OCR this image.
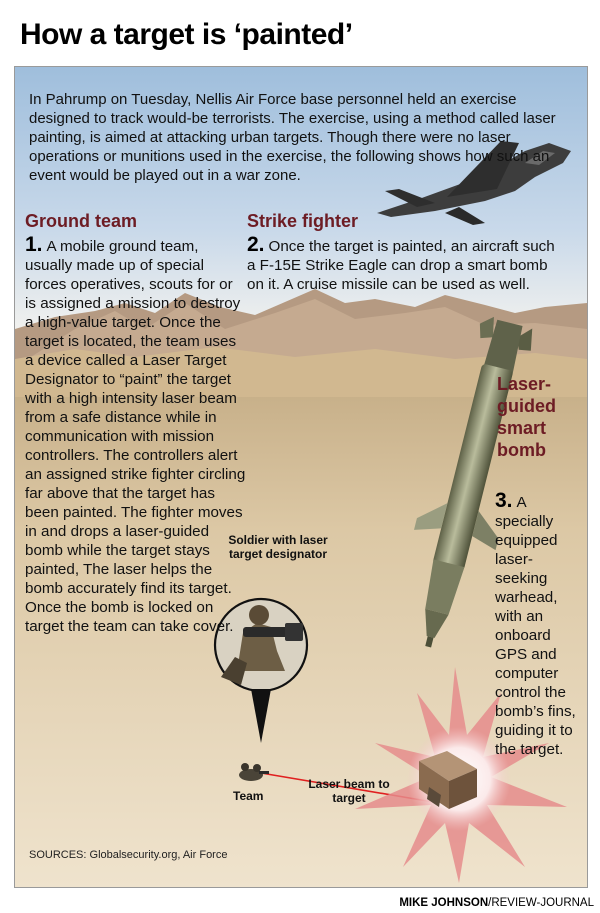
How a target is ‘painted’

In Pahrump on Tuesday, Nellis Air Force base personnel held an exercise designed to track would-be terrorists. The exercise, using a method called laser painting, is aimed at attacking urban targets. Though there were no laser operations or munitions used in the exercise, the following shows how such an event would be played out in a war zone.

Ground team
1. A mobile ground team, usually made up of special forces operatives, scouts for or is assigned a mission to destroy a high-value target. Once the target is located, the team uses a device called a Laser Target Designator to “paint” the target with a high intensity laser beam from a safe distance while in communication with mission controllers. The controllers alert an assigned strike fighter circling far above that the target has been painted. The fighter moves in and drops a laser-guided bomb while the target stays painted, The laser helps the bomb accurately find its target. Once the bomb is locked on target the team can take cover.
Strike fighter
2. Once the target is painted, an aircraft such a F-15E Strike Eagle can drop a smart bomb on it. A cruise missile can be used as well.
Laser-guided smart bomb
3. A specially equipped laser-seeking warhead, with an onboard GPS and computer control the bomb’s fins, guiding it to the target.
Soldier with laser target designator
Team
Laser beam to target
SOURCES: Globalsecurity.org, Air Force
MIKE JOHNSON/REVIEW-JOURNAL
